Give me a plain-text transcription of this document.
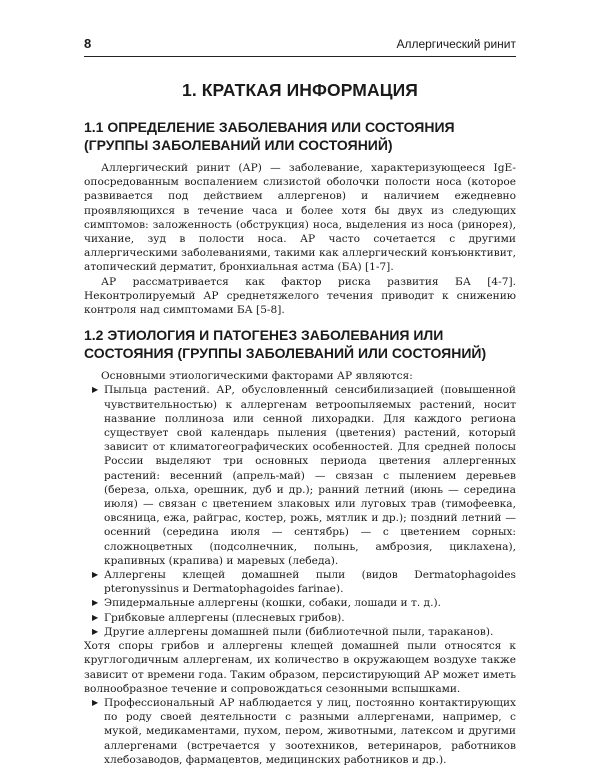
8	Аллергический ринит
1. КРАТКАЯ ИНФОРМАЦИЯ
1.1 ОПРЕДЕЛЕНИЕ ЗАБОЛЕВАНИЯ ИЛИ СОСТОЯНИЯ (ГРУППЫ ЗАБОЛЕВАНИЙ ИЛИ СОСТОЯНИЙ)

Аллергический ринит (АР) — заболевание, характеризующееся IgE-опосредованным воспалением слизистой оболочки полости носа (которое развивается под действием аллергенов) и наличием ежедневно проявляющихся в течение часа и более хотя бы двух из следующих симптомов: заложенность (обструкция) носа, выделения из носа (ринорея), чихание, зуд в полости носа. АР часто сочетается с другими аллергическими заболеваниями, такими как аллергический конъюнктивит, атопический дерматит, бронхиальная астма (БА) [1-7].

АР рассматривается как фактор риска развития БА [4-7]. Неконтролируемый АР среднетяжелого течения приводит к снижению контроля над симптомами БА [5-8].

1.2 ЭТИОЛОГИЯ И ПАТОГЕНЕЗ ЗАБОЛЕВАНИЯ ИЛИ СОСТОЯНИЯ (ГРУППЫ ЗАБОЛЕВАНИЙ ИЛИ СОСТОЯНИЙ)

Основными этиологическими факторами АР являются:

▶ Пыльца растений. АР, обусловленный сенсибилизацией (повышенной чувствительностью) к аллергенам ветроопыляемых растений, носит название поллиноза или сенной лихорадки. Для каждого региона существует свой календарь пыления (цветения) растений, который зависит от климатогеографических особенностей. Для средней полосы России выделяют три основных периода цветения аллергенных растений: весенний (апрель-май) — связан с пылением деревьев (береза, ольха, орешник, дуб и др.); ранний летний (июнь — середина июля) — связан с цветением злаковых или луговых трав (тимофеевка, овсяница, ежа, райграс, костер, рожь, мятлик и др.); поздний летний — осенний (середина июля — сентябрь) — с цветением сорных: сложноцветных (подсолнечник, полынь, амброзия, циклахена), крапивных (крапива) и маревых (лебеда).
▶ Аллергены клещей домашней пыли (видов Dermatophagoides pteronyssinus и Dermatophagoides farinae).
▶ Эпидермальные аллергены (кошки, собаки, лошади и т. д.).
▶ Грибковые аллергены (плесневых грибов).
▶ Другие аллергены домашней пыли (библиотечной пыли, тараканов).

Хотя споры грибов и аллергены клещей домашней пыли относятся к круглогодичным аллергенам, их количество в окружающем воздухе также зависит от времени года. Таким образом, персистирующий АР может иметь волнообразное течение и сопровождаться сезонными вспышками.

▶ Профессиональный АР наблюдается у лиц, постоянно контактирующих по роду своей деятельности с разными аллергенами, например, с мукой, медикаментами, пухом, пером, животными, латексом и другими аллергенами (встречается у зоотехников, ветеринаров, работников хлебозаводов, фармацевтов, медицинских работников и др.).
